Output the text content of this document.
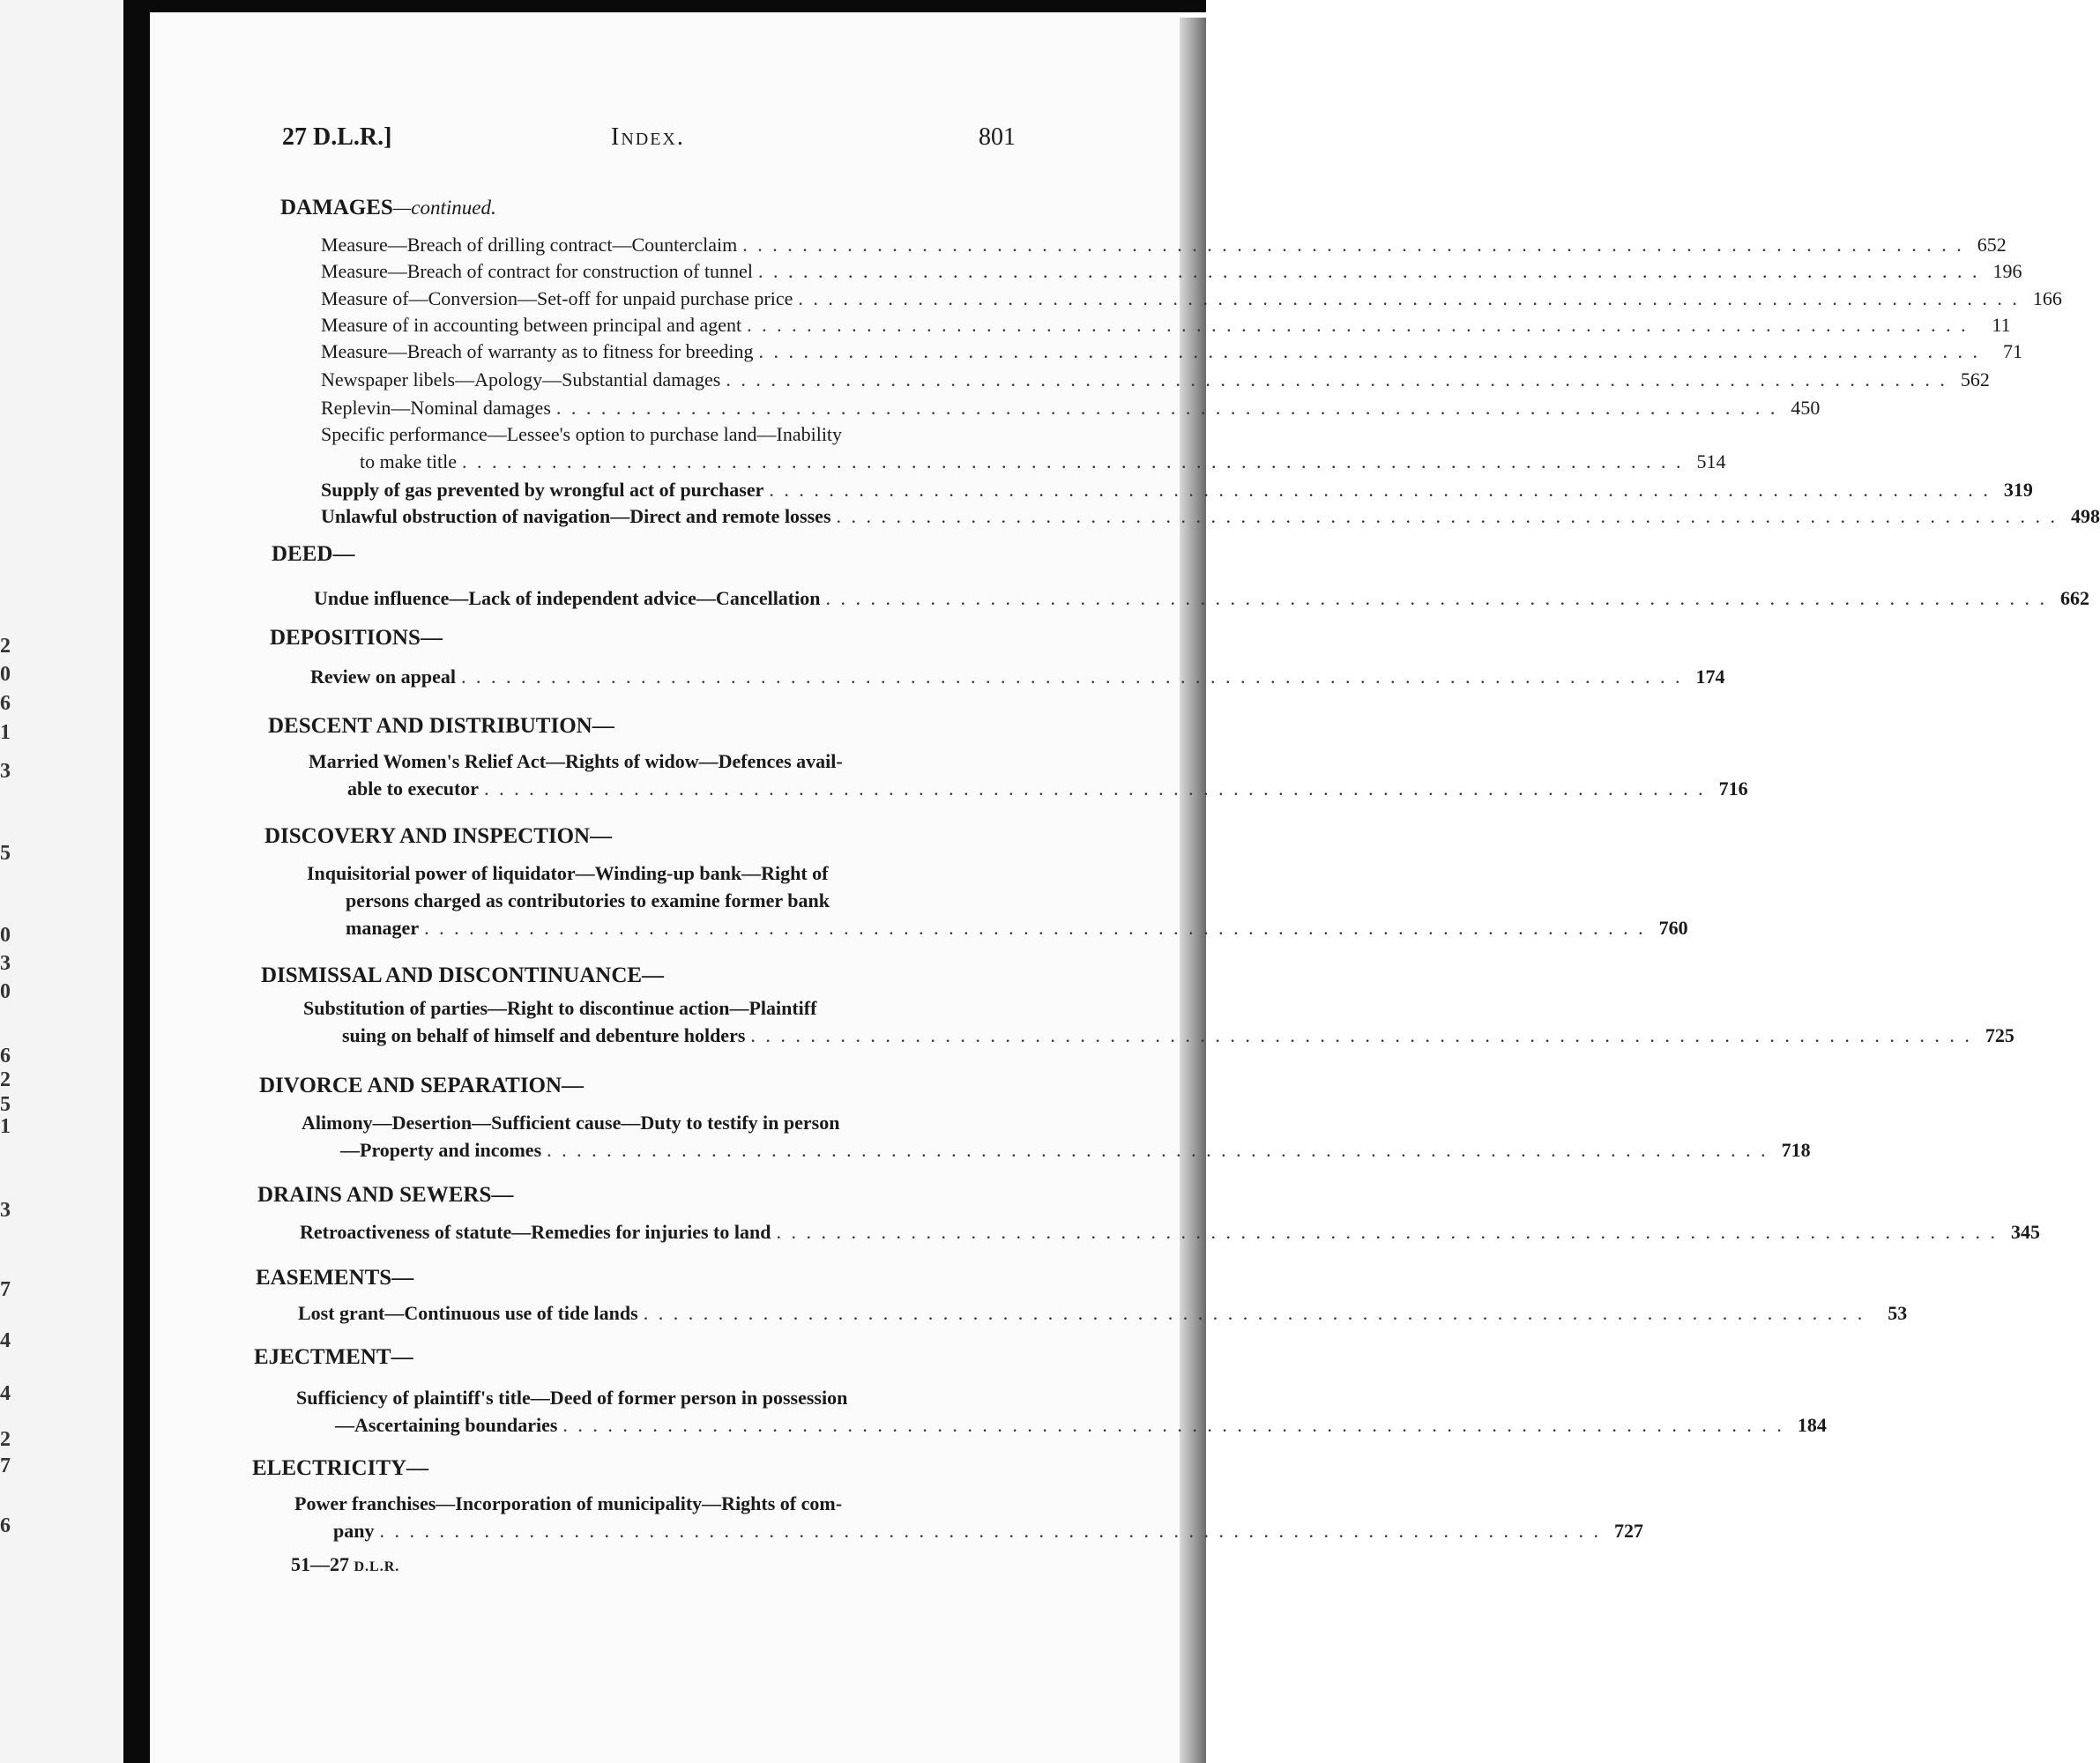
2
0
6
1
3
5
0
3
0
6
2
5
1
3
7
4
4
2
7
6
27 D.L.R.]	Index.	801
DAMAGES—continued.
Measure—Breach of drilling contract—Counterclaim . . . . . . . . . . . . . . . . . . . . . . . . . . . . . . . . . . . . . . . . . . . . . . . . . . . . . . . . . . . . . . . . . . . . . . . . . . . . . . . . . . 652
Measure—Breach of contract for construction of tunnel . . . . . . . . . . . . . . . . . . . . . . . . . . . . . . . . . . . . . . . . . . . . . . . . . . . . . . . . . . . . . . . . . . . . . . . . . . . . . . . . . . 196
Measure of—Conversion—Set-off for unpaid purchase price . . . . . . . . . . . . . . . . . . . . . . . . . . . . . . . . . . . . . . . . . . . . . . . . . . . . . . . . . . . . . . . . . . . . . . . . . . . . . . . . . . 166
Measure of in accounting between principal and agent . . . . . . . . . . . . . . . . . . . . . . . . . . . . . . . . . . . . . . . . . . . . . . . . . . . . . . . . . . . . . . . . . . . . . . . . . . . . . . . . . .	11
Measure—Breach of warranty as to fitness for breeding . . . . . . . . . . . . . . . . . . . . . . . . . . . . . . . . . . . . . . . . . . . . . . . . . . . . . . . . . . . . . . . . . . . . . . . . . . . . . . . . . .	71
Newspaper libels—Apology—Substantial damages . . . . . . . . . . . . . . . . . . . . . . . . . . . . . . . . . . . . . . . . . . . . . . . . . . . . . . . . . . . . . . . . . . . . . . . . . . . . . . . . . . 562
Replevin—Nominal damages . . . . . . . . . . . . . . . . . . . . . . . . . . . . . . . . . . . . . . . . . . . . . . . . . . . . . . . . . . . . . . . . . . . . . . . . . . . . . . . . . . 450
Specific performance—Lessee's option to purchase land—Inability
to make title . . . . . . . . . . . . . . . . . . . . . . . . . . . . . . . . . . . . . . . . . . . . . . . . . . . . . . . . . . . . . . . . . . . . . . . . . . . . . . . . . . 514
Supply of gas prevented by wrongful act of purchaser . . . . . . . . . . . . . . . . . . . . . . . . . . . . . . . . . . . . . . . . . . . . . . . . . . . . . . . . . . . . . . . . . . . . . . . . . . . . . . . . . . 319
Unlawful obstruction of navigation—Direct and remote losses . . . . . . . . . . . . . . . . . . . . . . . . . . . . . . . . . . . . . . . . . . . . . . . . . . . . . . . . . . . . . . . . . . . . . . . . . . . . . . . . . . 498
DEED—
Undue influence—Lack of independent advice—Cancellation . . . . . . . . . . . . . . . . . . . . . . . . . . . . . . . . . . . . . . . . . . . . . . . . . . . . . . . . . . . . . . . . . . . . . . . . . . . . . . . . . . 662
DEPOSITIONS—
Review on appeal . . . . . . . . . . . . . . . . . . . . . . . . . . . . . . . . . . . . . . . . . . . . . . . . . . . . . . . . . . . . . . . . . . . . . . . . . . . . . . . . . . 174
DESCENT AND DISTRIBUTION—
Married Women's Relief Act—Rights of widow—Defences avail-
able to executor . . . . . . . . . . . . . . . . . . . . . . . . . . . . . . . . . . . . . . . . . . . . . . . . . . . . . . . . . . . . . . . . . . . . . . . . . . . . . . . . . . 716
DISCOVERY AND INSPECTION—
Inquisitorial power of liquidator—Winding-up bank—Right of
persons charged as contributories to examine former bank
manager . . . . . . . . . . . . . . . . . . . . . . . . . . . . . . . . . . . . . . . . . . . . . . . . . . . . . . . . . . . . . . . . . . . . . . . . . . . . . . . . . . 760
DISMISSAL AND DISCONTINUANCE—
Substitution of parties—Right to discontinue action—Plaintiff
suing on behalf of himself and debenture holders . . . . . . . . . . . . . . . . . . . . . . . . . . . . . . . . . . . . . . . . . . . . . . . . . . . . . . . . . . . . . . . . . . . . . . . . . . . . . . . . . . 725
DIVORCE AND SEPARATION—
Alimony—Desertion—Sufficient cause—Duty to testify in person
—Property and incomes . . . . . . . . . . . . . . . . . . . . . . . . . . . . . . . . . . . . . . . . . . . . . . . . . . . . . . . . . . . . . . . . . . . . . . . . . . . . . . . . . . 718
DRAINS AND SEWERS—
Retroactiveness of statute—Remedies for injuries to land . . . . . . . . . . . . . . . . . . . . . . . . . . . . . . . . . . . . . . . . . . . . . . . . . . . . . . . . . . . . . . . . . . . . . . . . . . . . . . . . . . 345
EASEMENTS—
Lost grant—Continuous use of tide lands . . . . . . . . . . . . . . . . . . . . . . . . . . . . . . . . . . . . . . . . . . . . . . . . . . . . . . . . . . . . . . . . . . . . . . . . . . . . . . . . . .	53
EJECTMENT—
Sufficiency of plaintiff's title—Deed of former person in possession
—Ascertaining boundaries . . . . . . . . . . . . . . . . . . . . . . . . . . . . . . . . . . . . . . . . . . . . . . . . . . . . . . . . . . . . . . . . . . . . . . . . . . . . . . . . . . 184
ELECTRICITY—
Power franchises—Incorporation of municipality—Rights of com-
pany . . . . . . . . . . . . . . . . . . . . . . . . . . . . . . . . . . . . . . . . . . . . . . . . . . . . . . . . . . . . . . . . . . . . . . . . . . . . . . . . . . 727
51—27 D.L.R.
